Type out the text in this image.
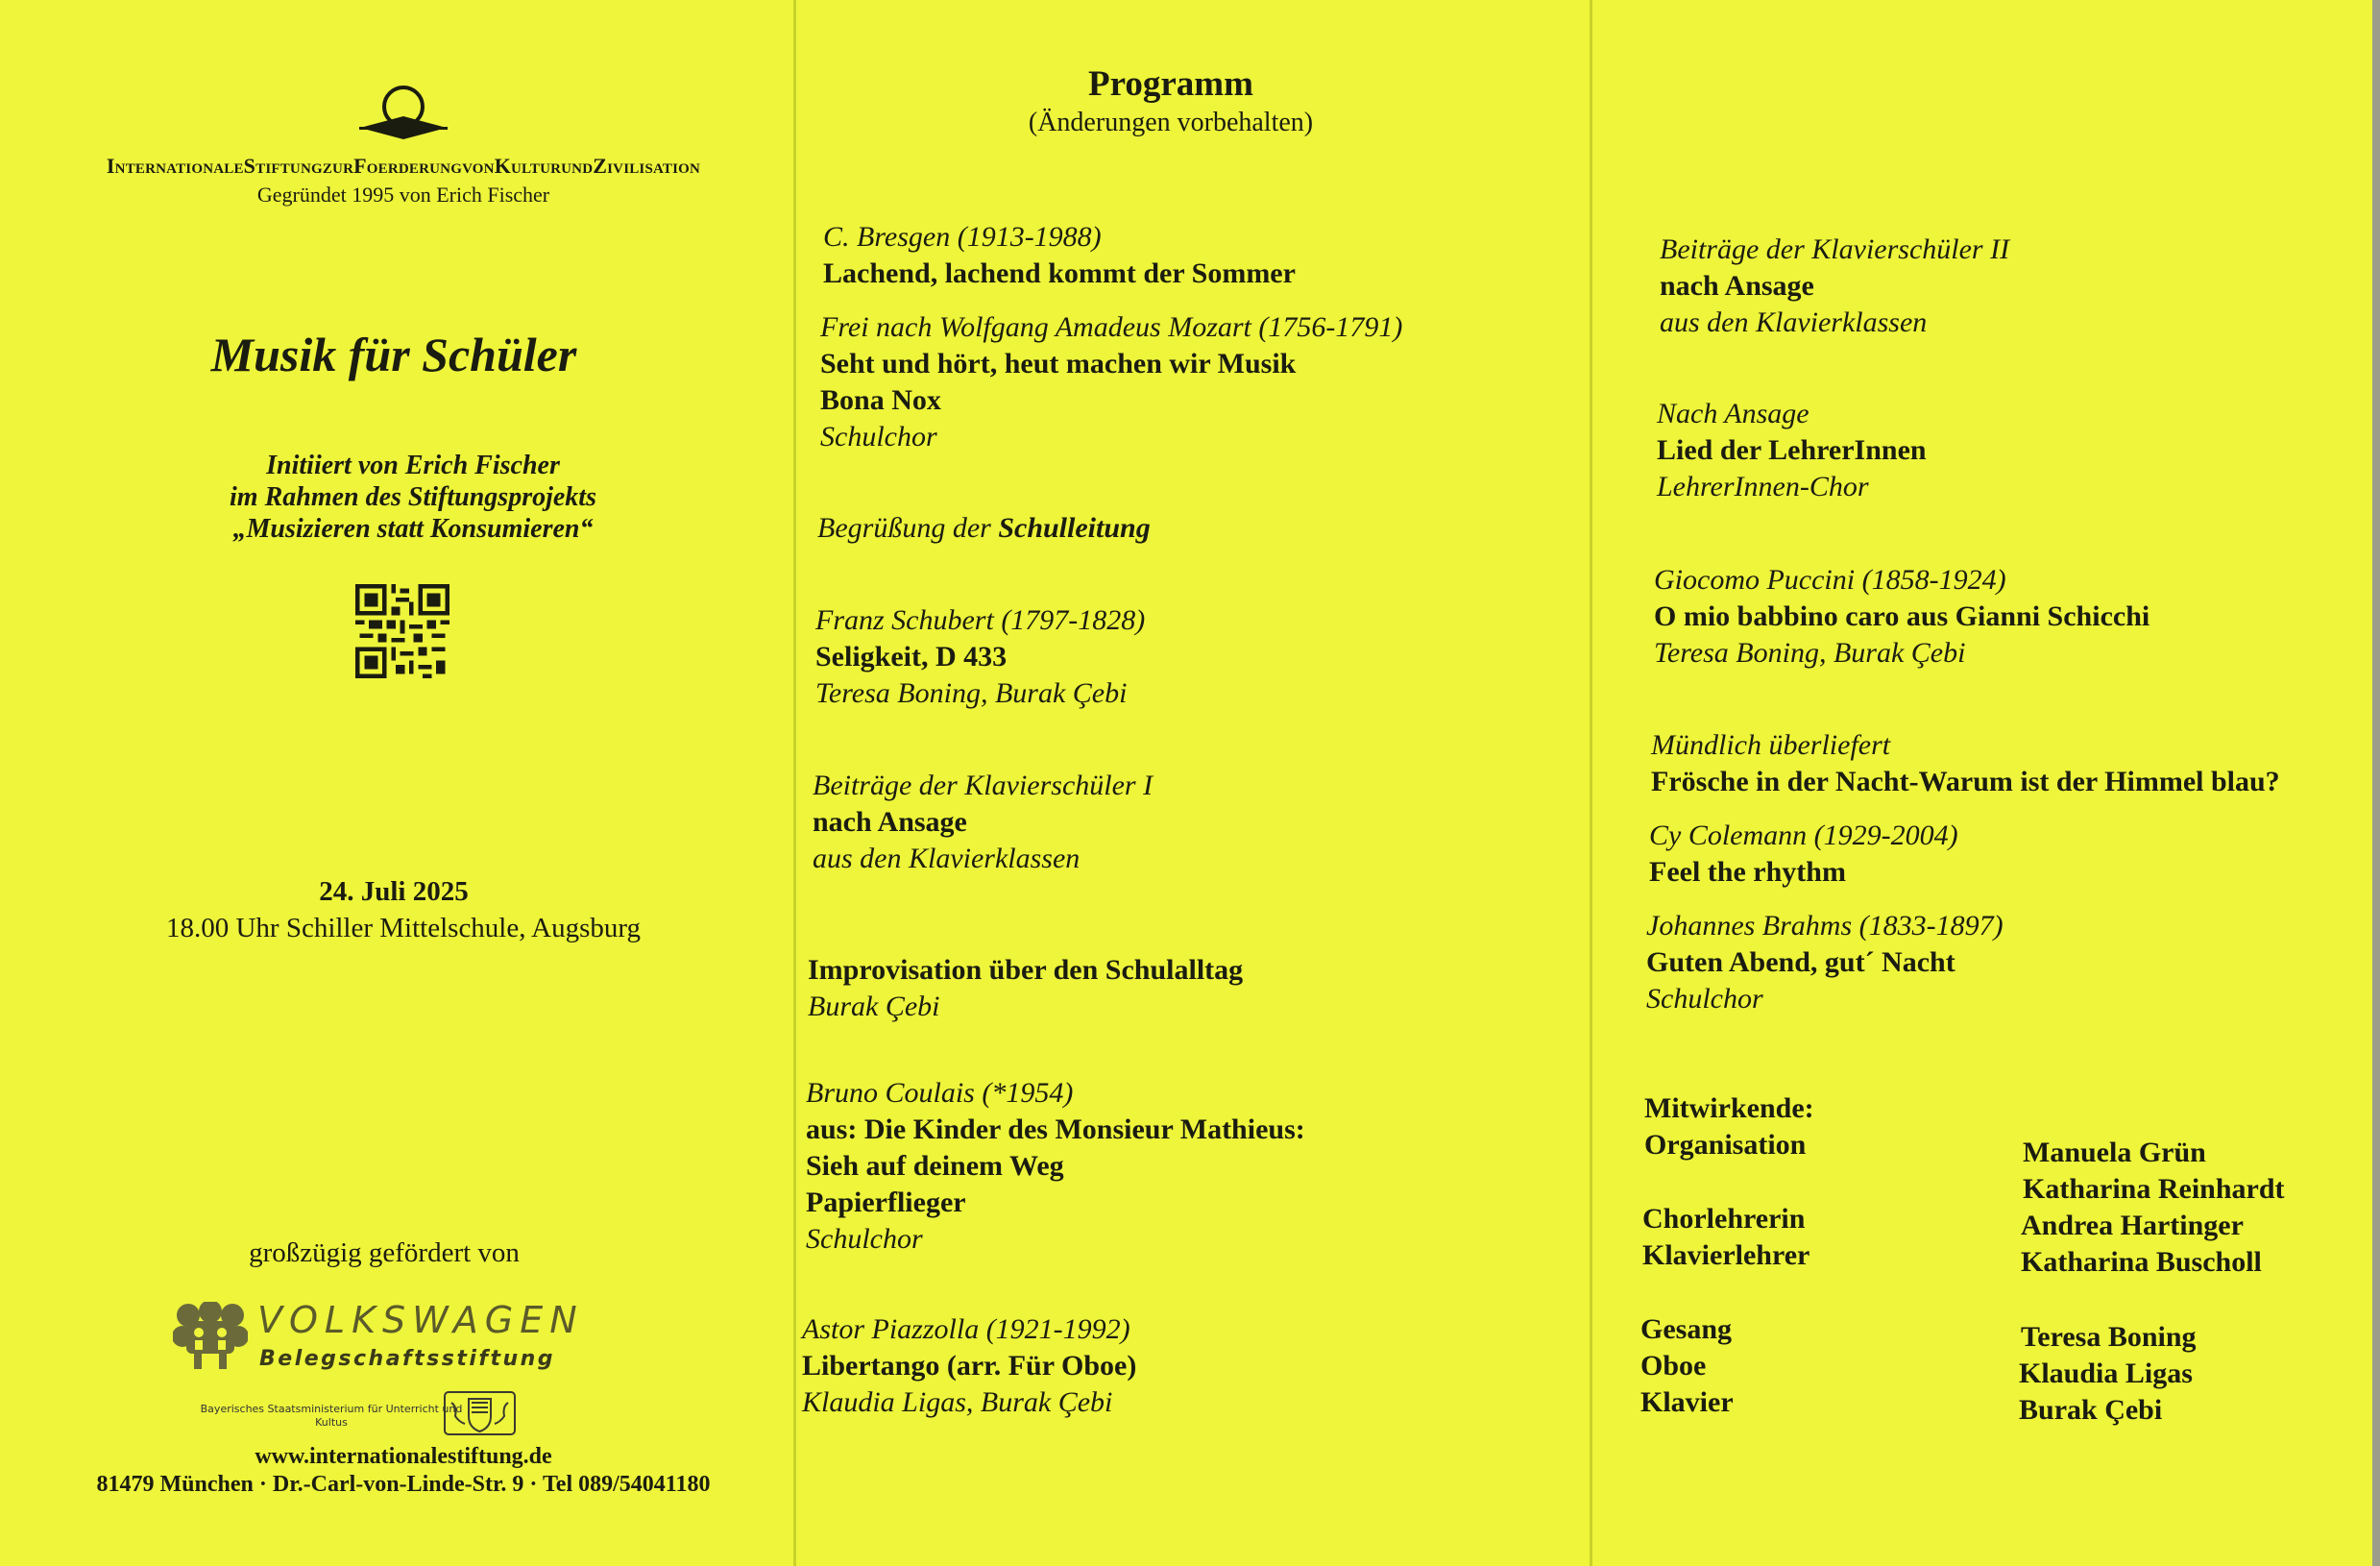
InternationaleStiftungzurFoerderungvonKulturundZivilisation
Gegründet 1995 von Erich Fischer
Musik für Schüler
Initiiert von Erich Fischer
im Rahmen des Stiftungsprojekts
„Musizieren statt Konsumieren“
24. Juli 2025
18.00 Uhr Schiller Mittelschule, Augsburg
großzügig gefördert von
VOLKSWAGEN
Belegschaftsstiftung
Bayerisches Staatsministerium für Unterricht und Kultus
www.internationalestiftung.de
81479 München · Dr.-Carl-von-Linde-Str. 9 · Tel 089/54041180
Programm
(Änderungen vorbehalten)
C. Bresgen (1913-1988)
Lachend, lachend kommt der Sommer
Frei nach Wolfgang Amadeus Mozart (1756-1791)
Seht und hört, heut machen wir Musik
Bona Nox
Schulchor
Begrüßung der Schulleitung
Franz Schubert (1797-1828)
Seligkeit, D 433
Teresa Boning, Burak Çebi
Beiträge der Klavierschüler I
nach Ansage
aus den Klavierklassen
Improvisation über den Schulalltag
Burak Çebi
Bruno Coulais (*1954)
aus: Die Kinder des Monsieur Mathieus:
Sieh auf deinem Weg
Papierflieger
Schulchor
Astor Piazzolla (1921-1992)
Libertango (arr. Für Oboe)
Klaudia Ligas, Burak Çebi
Beiträge der Klavierschüler II
nach Ansage
aus den Klavierklassen
Nach Ansage
Lied der LehrerInnen
LehrerInnen-Chor
Giocomo Puccini (1858-1924)
O mio babbino caro aus Gianni Schicchi
Teresa Boning, Burak Çebi
Mündlich überliefert
Frösche in der Nacht-Warum ist der Himmel blau?
Cy Colemann (1929-2004)
Feel the rhythm
Johannes Brahms (1833-1897)
Guten Abend, gut´ Nacht
Schulchor
Mitwirkende:
Organisation
Chorlehrerin
Klavierlehrer
Gesang
Oboe
Klavier
Manuela Grün
Katharina Reinhardt
Andrea Hartinger
Katharina Buscholl
Teresa Boning
Klaudia Ligas
Burak Çebi
